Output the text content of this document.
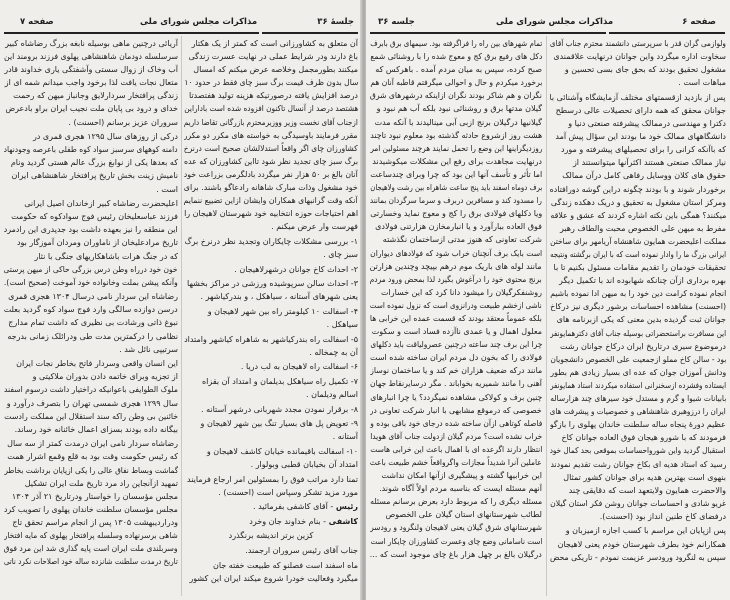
صفحه ۷	مذاکرات مجلس شورای ملی	جلسهٔ ۳۶
آن متعلق به کشاورزانی است که کمتر از یک هکتار
باغ دارند ودر شرایط عملی در نهایت عسرت زندگی
میکنند بطورمجمل وخلاصه عرض میکنم که امسال
سال بدون ظرف قیمت برگ سبز چای فقط در حدود ۱۰
درصد افزایش یافته درصورتیکه هزینه تولید هفتصدتا
هشتصد درصد از آنسال تاکنون افزوده شده است باداراین
ازجناب آقای نخست وزیر ووزیرمحترم بازرگانی تقاضا داریم
مقرر فرمایند باوسیدگی به خواسته های مکرر دو مکرر
کشاورزان چای اگر واقعاً استدلالشان صحیح است درنرخ
برگ سبز چای تجدید نظر شود تااین کشاورزان که عده
آنان بالغ بر ۵۰ هزار نفر میگردد بادلگرمی بزراعت خود
خود مشغول وذات مبارک شاهانه رادعاگو باشند. برای
آنکه وقت گرانبهای همکاران وایشان ازاین تضییع ننمایم
اهم احتیاجات حوزه انتخابیه خود شهرستان لاهیجان را
فهرست وار عرض میکنم .
۱- بررسی مشکلات چایکاران وتجدید نظر درنرخ برگ
سبز چای .
۲- احداث کاخ جوانان درشهرلاهیجان .
۳- احداث سالن سرپوشیده ورزشی در مراکز بخشها
یعنی شهرهای آستانه ، سیاهکل ، و بندرکیاشهر .
۴- اسفالت ۱۰ کیلومتر راه بین شهر لاهیجان و
سیاهکل .
۵- اسفالت راه بندرکیاشهر به شاهراه کیاشهر وامتداد
آن به چمخاله .
۶- اسفالت راه لاهیجان به لب دریا .
۷- تکمیل راه سیاهکل بدیلمان و امتداد آن بقزاه
اسالم ودیلمان .
۸- برقرار نمودن مجدد شهربانی درشهر آستانه .
۹- تعویض پل های بسیار تنگ بین شهر لاهیجان و
آستانه .
۱۰- اسفالت باقیمانده خیابان کاشف لاهیجان و
امتداد آن بخیابان قطبی وبولوار .
تمنا دارد مراتب فوق را بمسئولین امر ارجاع فرمایند
مورد مزید تشکر وسپاس است (احسنت) .
رئیس - آقای کاشفی بفرمائید .
کاشفی - بنام خداوند جان وخرد
کزین برتر اندیشه برنگذرد
جناب آقای رئیس سروران ارجمند.
ماه اسفند است فصلنو که طبیعت خفته جان
میگیرد وفعالیت خودرا شروع میکند ایران این کشور
آریائی درچنین ماهی بوسیله نابغه بزرگ رضاشاه کبیر
سرسلسله دودمان شاهنشاهی پهلوی فرزند برومند این
آب وخاک از زوال سستی وآشفتگی یاری خداوند قادر
متعال نجات یافت لذا برخود واجب میدانم شمه ای از
زندگی پرافتخار سردارلایق وجانباز میهن که رحمت
خدای و درود بی پایان ملت نجیب ایران براو بادعرض
سروران عزیز برسانم (احسنت) .
درکی از روزهای سال ۱۲۹۵ هجری قمری در
دامنه کوههای سرسبز سواد کوه طفلی باعرصه وجودنهاد
که بعدها یکی از نوابغ بزرگ عالم هستی گردید ونام
نامیش زینت بخش تاریخ پرافتخار شاهنشاهی ایران
است .
اعلیحضرت رضاشاه کبیر ازخاندان اصیل ایرانی
فرزند عباسعلیخان رئیس فوج سوادکوه که حکومت
این منطقه را نیز بعهده داشت بود جدپدری این رادمرد
تاریخ مرادعلیخان از ناماوران ومردان آموزگار بود
که در جنگ هرات باشاهکاریهای جنگی با نثار
خون خود درراه وطن درس بزرگی حاکی از میهن پرستی
وآنکه پیشن بملت وخانواده خود آموخت (صحیح است).
رضاشاه این سردار نامی درسال ۱۳۰۴ هجری قمری
درسن دوازده سالگی وارد فوج سواد کوه گردید بعلت
نبوغ ذاتی ورشادت بی نظیری که داشت تمام مدارج
نظامی را درکمترین مدت طی ودرائلک زمانی بدرجه
سرتیپی نائل شد .
این انسان واقعی وسردار فاتح بخاطر نجات ایران
از تجزیه وبرای خاتمه دادن بدوران ملاکیتی و
ملوک الطوایفی باعوانیکه دراختیار داشت درسوم اسفند
سال ۱۲۹۹ هجری شمسی تهران را بتصرف درآورد و
خائنین بی وطن راکه سند استقلال این مملکت رادست
بیگانه داده بودند بسزای اعمال خائنانه خود رساند.
رضاشاه سردار نامی ایران درمدت کمتر از سه سال
که رئیس حکومت وقت بود به قلع وقمع اشرار همت
گماشت وبساط نفاق عالی را یکی ازپایان برداشت بخاطر
تمهید ازآنجاین راد مرد تاریخ ملت ایران تشکیل
مجلس مؤسسان را خواستار ودرتاریخ ۲۱ آذر ۱۳۰۴
مجلس مؤسسان سلطنت خاندان پهلوی را تصویب کرد
ودراردیبهشت ۱۳۰۵ پس از انجام مراسم تحقق تاج
شاهی برسرنهاده وسلسله پرافتخار پهلوی که مایه افتخار
وسربلندی ملت ایران است پایه گذاری شد این مرد فوق
تاریخ درمدت سلطنت شانزده ساله خود اصلاحات نکرد ناتی
جلسه ۳۶	مذاکرات مجلس شورای ملی	صفحه ۶
ولوازمی گران قدر با سرپرستی دانشمند محترم جناب آقای
سخاوت اداره میگردد واین جوانان درنهایت علاقمندی
مشغول تحقیق بودند که بحق جای بسی تحسین و
مباهات است .
پس از بازدید ازقسمتهای مختلف آزمایشگاه وآشنائی با
جوانان محقق که همه دارای تحصیلات عالی درسطح
دکترا و مهندسی درممالک پیشرفته صنعتی دنیا و
دانشگاههای ممالک خود ما بودند این سؤال پیش آمد
که باآنکه کرانی را برای تحصیلهای پیشرفته و مورد
نیاز ممالک صنعتی هستند اکثرآنها میتوانستند از
حقوق های کلان ووسایل رفاهی کامل درآن ممالک
برخوردار شوند و با بودند چگونه دراین گوشه دورافتاده
ومرکز استان مشغول به تحقیق و دریک دهکده زندگی
میکنند؟ همگی باین نکته اشاره کردند که عشق و علاقه
مفرط به میهن علی الخصوص محبت والطاف رهبر
مملکت اعلیحضرت همایون شاهنشاه آریامهر برای ساختن
ایرانی بزرگ ما را وادار نموده است که با ایران برگشته ونتیجه
تحقیقات خودمان را تقدیم مقامات مسئول بکنیم تا با
بهره برداری ازآن چنانکه شهابوده اند با تکمیل دیگر
انجام نموده کرامت دین خود را به میهن ادا نموده باشیم
(احسنت) مشاهده احساسات برشور دیگری نیز درکاخ
جوانان ثبت گردیده بدین معنی که یکی ازبرنامه های
این مسافرت براستحضراتی بوسیله جناب آقای دکترهمایونفر
درموضوع سیری درتاریخ ایران درکاخ جوانان رشت
بود - سالن کاخ مملو ازجمعیت علی الخصوص دانشجویان
ودانش آموزان جوان که عده ای بسیار زیادی هم بطور
ایستاده وفشرده ازسخنرانی استفاده میکردند استاد همایونفر
بابیانات شیوا و گرم و مستدل خود سیرهای چند هزارساله
ایران را درزوهبری شاهنشاهی و خصوصیات و پیشرفت های
عظیم دورهٔ پنجاه ساله سلطنت خاندان پهلوی را بازگو
فرمودند که با شورو هیجان فوق العاده جوانان کاخ
استقبال گردید واین شورواحساسات بموقعی بحد کمال خود
رسید که استاد هدیه ای بکاخ جوانان رشت تقدیم نمودند
بنهوی است بهترین هدیه برای جوانان کشور تمثال
والاحضرت همایون ولایتعهد است که دقایقی چند
غریو شادی و احساسات جوانان روشن فکر استان گیلان
درفضای کاخ طنین انداز بود (احسنت).
پس ازپایان این مراسم با کسب اجازه ازمیزبان و
همکارانم خود بطرف شهرستان خودم یعنی لاهیجان
سپس به لنگرود ورودسر عزیمت نمودم - تاریکی محض
تمام شهرهای بین راه را فراگرفته بود. سیمهای برق بابرف
دکل های رفیع برق کج و معوج شده را با روشنائی شمع
صبح کرده، سپس به میان مردم آمده . باهرکس که
برخورد میکردم و حال و احوالی میگرفتم قاطبه آنان هم
نگران و هم شاکر بودند نگران ازاینکه درشهرهای شرق
گیلان مدتها برق و روشنائی نبود بلکه آب هم نبود و
گیلانیها درگیلان برنج ازبی آبی مینالیدند با آنکه مدت
هشت روز ازشروع حادثه گذشته بود معلوم نبود تاچند
روزدیگراینها این وضع را تحمل نمایند هرچند مسئولین امر
درنهایت مجاهدت برای رفع این مشکلات میکوشیدند
اما تأثر و تأسف آنها این بود که چرا وبرای چندساعت
برف دوماه اسفند باید پنج ساعت شاهراه بین رشت ولاهیجان
را مسدود کند و مسافرین دربرف و سرما سرگردان بمانند
ویا دکلهای فولادی برق را کج و معوج نماید وخسارتی
فوق العاده ببارآورد و یا انبارمخازن هزارتنی فولادی
شرکت تعاونی که هنوز مدتی ازساختمان نگذشته
است بایک برف آنچنان خراب شود که فولادهای دیواران
مانند لوله های باریک موم درهم بپیچد وچندین هزارتن
برنج محتوی خود را درآغوش بگیرد لذا بمحض ورود مردم
روشنفکرگیلان را میشود دانا کرد که این خسارات
ناشی ازخشم طبیعت ودرانزوی است که نزول نموده است
بلکه عموماً معتقد بودند که قسمت عمده این خرابی ها
معلول اهمال و یا عمدی ناآزده فساد است و سکوت
چرا این برف چند ساعته درچنین عصرولیاقت باید دکلهای
فولادی را که بخون دل مردم ایران ساخته شده است
مانند درکه ضعیف هزاران خم کند و یا ساختمان نوساز
آهنی را مانند شمیریه بخواباند . مگر درسایرنقاط جهان
چنین برف و کولاکی مشاهده نمیگردد؟ یا چرا انبارهای
خصوصی که درموقع مشابهی با انبار شرکت تعاونی در
فاصله کوتاهی ازآن ساخته شده درجای خود باقی بوده و
خراب نشده است؟ مردم گیلان ازدولت جناب آقای هویدا
انتظار دارند اگرعده ای با اهمال باعث این خرابی هاست
عاملین آنرا شدیداً مجازات واگرواقعاً خشم طبیعت باعث
این خرابیها گشته و پیشگیری ازآنها امکان نداشت
آنهم مسئله ایست که بناسبه مردم اولاً آگاه شوند.
مسئله دیگری را که مربوط دارد بعرض برسانم مسئله
لطائب شهرستانهای استان گیلان علی الخصوص
شهرستانهای شرق گیلان یعنی لاهیجان ولنگرود و رودسر
است ناسامانی وضع چای وعسرت کشاورزان چایکار است
درگیلان بالغ بر چهل هزار باغ چای موجود است که ...
